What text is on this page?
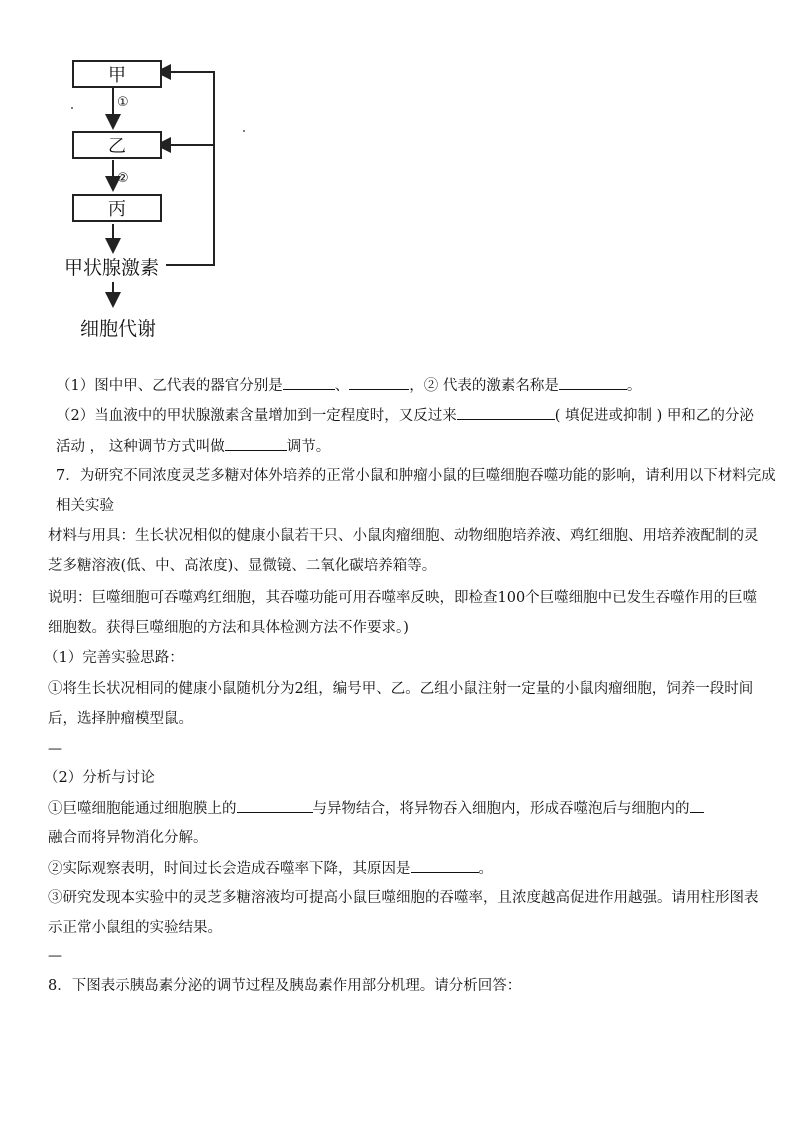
甲
乙
丙
①
②
甲状腺激素
细胞代谢
（1）图中甲、乙代表的器官分别是	、	，② 代表的激素名称是	。
（2）当血液中的甲状腺激素含量增加到一定程度时，又反过来	( 填促进或抑制 ) 甲和乙的分泌
活动 ， 这种调节方式叫做	调节。
7．为研究不同浓度灵芝多糖对体外培养的正常小鼠和肿瘤小鼠的巨噬细胞吞噬功能的影响，请利用以下材料完成
相关实验
材料与用具：生长状况相似的健康小鼠若干只、小鼠肉瘤细胞、动物细胞培养液、鸡红细胞、用培养液配制的灵
芝多糖溶液(低、中、高浓度)、显微镜、二氧化碳培养箱等。
说明：巨噬细胞可吞噬鸡红细胞，其吞噬功能可用吞噬率反映，即检查100个巨噬细胞中已发生吞噬作用的巨噬
细胞数。获得巨噬细胞的方法和具体检测方法不作要求。)
（1）完善实验思路：
①将生长状况相同的健康小鼠随机分为2组，编号甲、乙。乙组小鼠注射一定量的小鼠肉瘤细胞，饲养一段时间
后，选择肿瘤模型鼠。
—
（2）分析与讨论
①巨噬细胞能通过细胞膜上的	与异物结合，将异物吞入细胞内，形成吞噬泡后与细胞内的
融合而将异物消化分解。
②实际观察表明，时间过长会造成吞噬率下降，其原因是	。
③研究发现本实验中的灵芝多糖溶液均可提高小鼠巨噬细胞的吞噬率，且浓度越高促进作用越强。请用柱形图表
示正常小鼠组的实验结果。
—
8．下图表示胰岛素分泌的调节过程及胰岛素作用部分机理。请分析回答：
